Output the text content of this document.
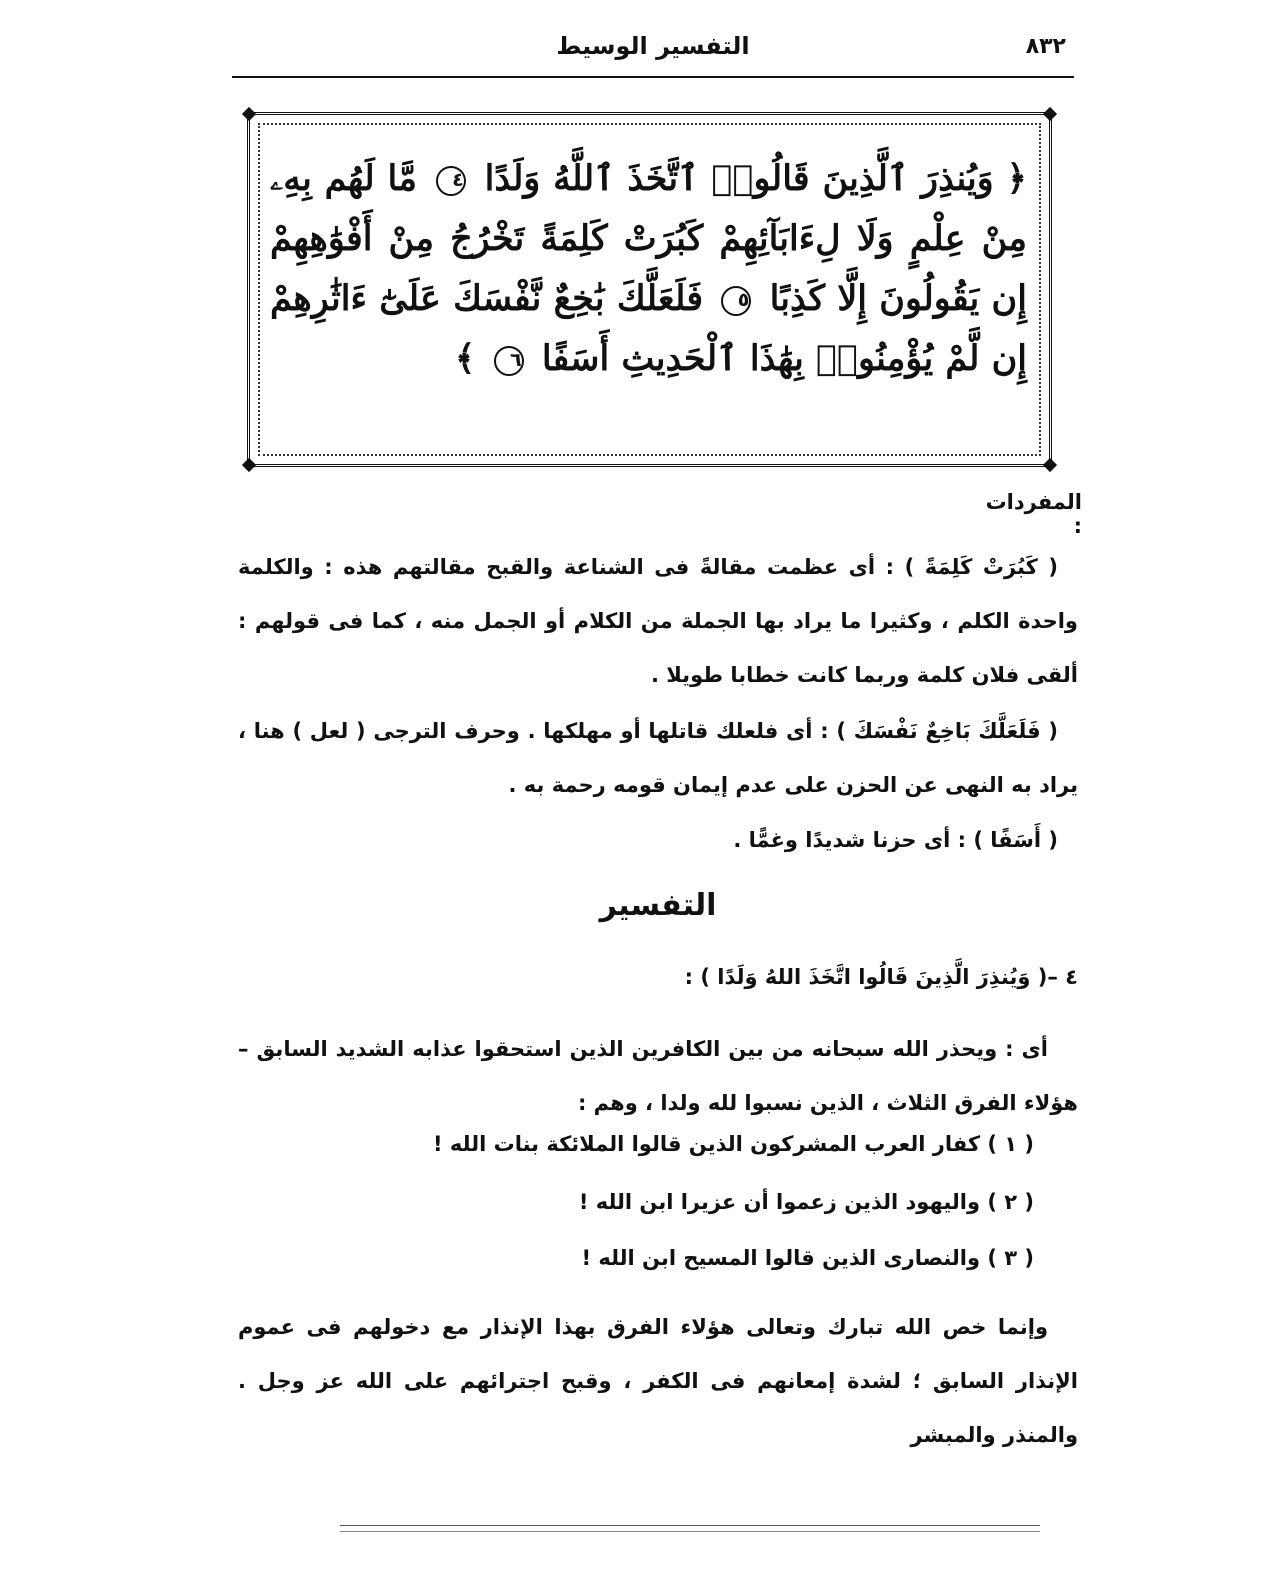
٨٣٢
التفسير الوسيط
﴿ وَيُنذِرَ ٱلَّذِينَ قَالُوا۟ ٱتَّخَذَ ٱللَّهُ وَلَدًا ٤ مَّا لَهُم بِهِۦ مِنْ عِلْمٍ وَلَا لِءَابَآئِهِمْ كَبُرَتْ كَلِمَةً تَخْرُجُ مِنْ أَفْوَٰهِهِمْ إِن يَقُولُونَ إِلَّا كَذِبًا ٥ فَلَعَلَّكَ بَٰخِعٌ نَّفْسَكَ عَلَىٰٓ ءَاثَٰرِهِمْ إِن لَّمْ يُؤْمِنُوا۟ بِهَٰذَا ٱلْحَدِيثِ أَسَفًا ٦ ﴾
المفردات :
( كَبُرَتْ كَلِمَةً ) : أى عظمت مقالةً فى الشناعة والقبح مقالتهم هذه : والكلمة واحدة الكلم ، وكثيرا ما يراد بها الجملة من الكلام أو الجمل منه ، كما فى قولهم : ألقى فلان كلمة وربما كانت خطابا طويلا .
( فَلَعَلَّكَ بَاخِعٌ نَفْسَكَ ) : أى فلعلك قاتلها أو مهلكها . وحرف الترجى ( لعل ) هنا ، يراد به النهى عن الحزن على عدم إيمان قومه رحمة به .
( أَسَفًا ) : أى حزنا شديدًا وغمًّا .
التفسير
٤ –( وَيُنذِرَ الَّذِينَ قَالُوا اتَّخَذَ اللهُ وَلَدًا ) :
أى : ويحذر الله سبحانه من بين الكافرين الذين استحقوا عذابه الشديد السابق – هؤلاء الفرق الثلاث ، الذين نسبوا لله ولدا ، وهم :
( ١ ) كفار العرب المشركون الذين قالوا الملائكة بنات الله !
( ٢ ) واليهود الذين زعموا أن عزيرا ابن الله !
( ٣ ) والنصارى الذين قالوا المسيح ابن الله !
وإنما خص الله تبارك وتعالى هؤلاء الفرق بهذا الإنذار مع دخولهم فى عموم الإنذار السابق ؛ لشدة إمعانهم فى الكفر ، وقبح اجترائهم على الله عز وجل . والمنذر والمبشر
